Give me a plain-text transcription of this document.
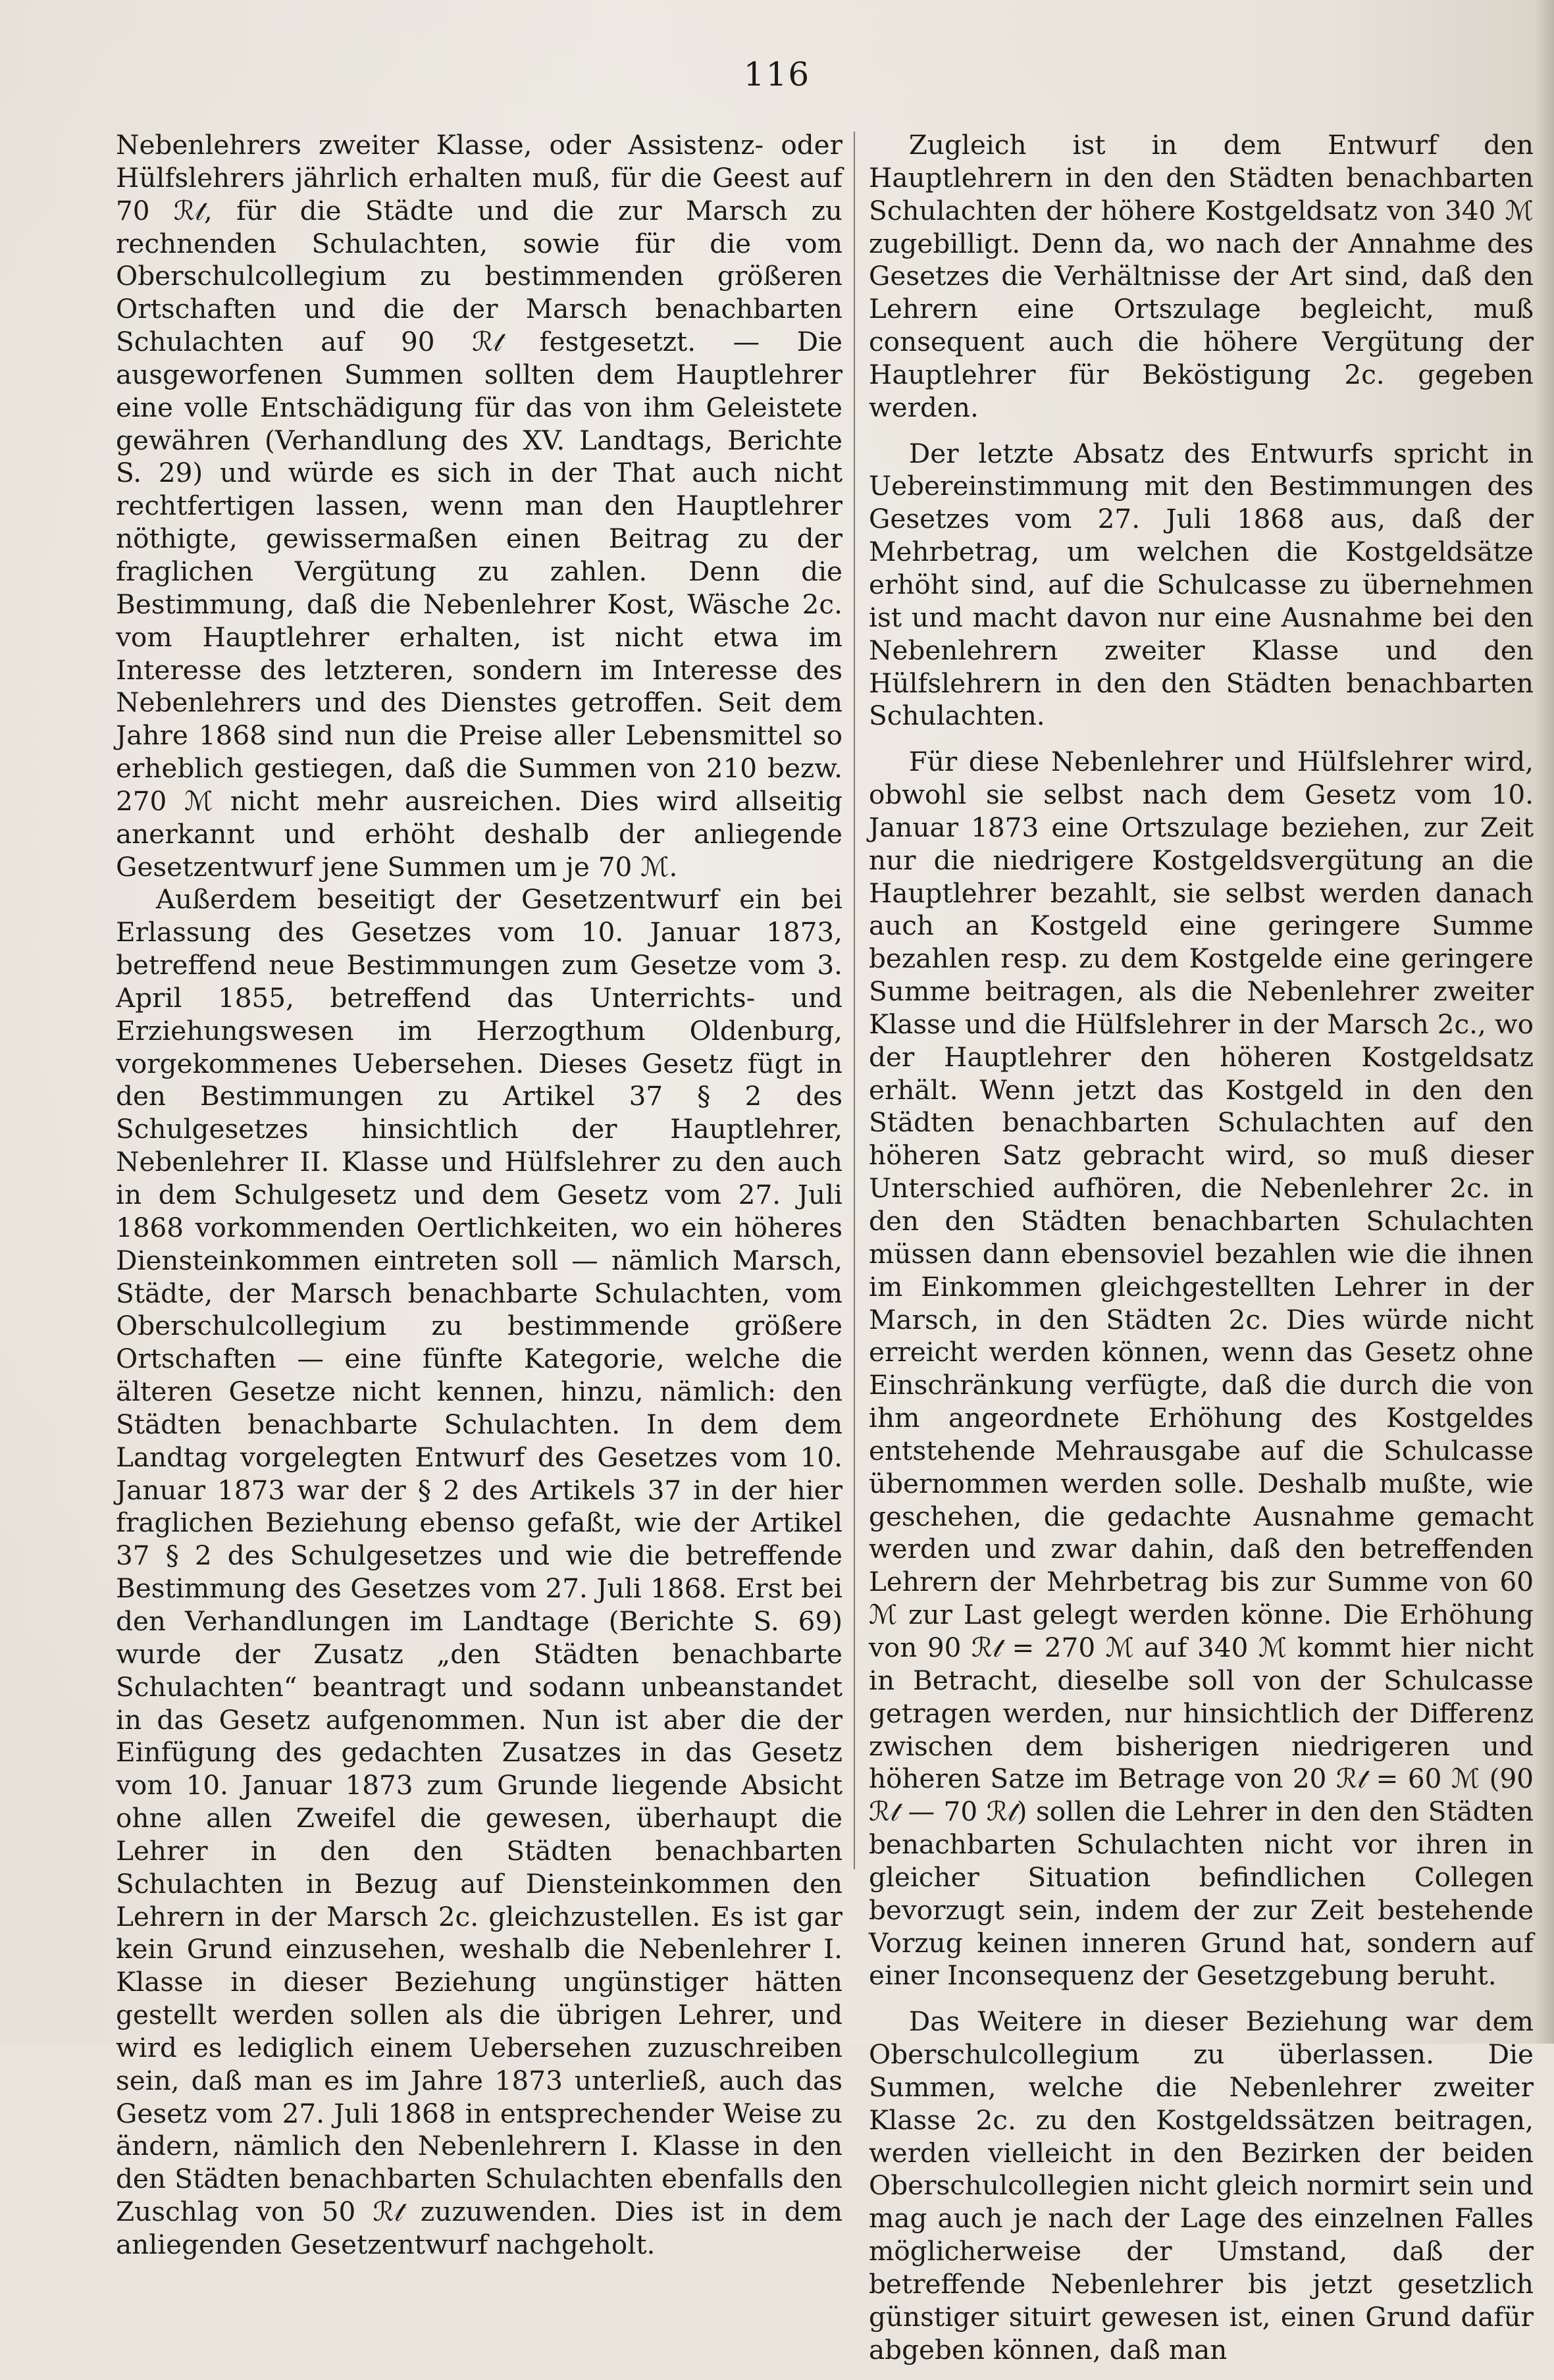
116

Nebenlehrers zweiter Klasse, oder Assistenz- oder Hülfslehrers jährlich erhalten muß, für die Geest auf 70 ℛ𝓉, für die Städte und die zur Marsch zu rechnenden Schulachten, sowie für die vom Oberschulcollegium zu bestimmenden größeren Ortschaften und die der Marsch benachbarten Schulachten auf 90 ℛ𝓉 festgesetzt. — Die ausgeworfenen Summen sollten dem Hauptlehrer eine volle Entschädigung für das von ihm Geleistete gewähren (Verhandlung des XV. Landtags, Berichte S. 29) und würde es sich in der That auch nicht rechtfertigen lassen, wenn man den Hauptlehrer nöthigte, gewissermaßen einen Beitrag zu der fraglichen Vergütung zu zahlen. Denn die Bestimmung, daß die Nebenlehrer Kost, Wäsche 2c. vom Hauptlehrer erhalten, ist nicht etwa im Interesse des letzteren, sondern im Interesse des Nebenlehrers und des Dienstes getroffen. Seit dem Jahre 1868 sind nun die Preise aller Lebensmittel so erheblich gestiegen, daß die Summen von 210 bezw. 270 ℳ nicht mehr ausreichen. Dies wird allseitig anerkannt und erhöht deshalb der anliegende Gesetzentwurf jene Summen um je 70 ℳ.

Außerdem beseitigt der Gesetzentwurf ein bei Erlassung des Gesetzes vom 10. Januar 1873, betreffend neue Bestimmungen zum Gesetze vom 3. April 1855, betreffend das Unterrichts- und Erziehungswesen im Herzogthum Oldenburg, vorgekommenes Uebersehen. Dieses Gesetz fügt in den Bestimmungen zu Artikel 37 § 2 des Schulgesetzes hinsichtlich der Hauptlehrer, Nebenlehrer II. Klasse und Hülfslehrer zu den auch in dem Schulgesetz und dem Gesetz vom 27. Juli 1868 vorkommenden Oertlichkeiten, wo ein höheres Diensteinkommen eintreten soll — nämlich Marsch, Städte, der Marsch benachbarte Schulachten, vom Oberschulcollegium zu bestimmende größere Ortschaften — eine fünfte Kategorie, welche die älteren Gesetze nicht kennen, hinzu, nämlich: den Städten benachbarte Schulachten. In dem dem Landtag vorgelegten Entwurf des Gesetzes vom 10. Januar 1873 war der § 2 des Artikels 37 in der hier fraglichen Beziehung ebenso gefaßt, wie der Artikel 37 § 2 des Schulgesetzes und wie die betreffende Bestimmung des Gesetzes vom 27. Juli 1868. Erst bei den Verhandlungen im Landtage (Berichte S. 69) wurde der Zusatz „den Städten benachbarte Schulachten“ beantragt und sodann unbeanstandet in das Gesetz aufgenommen. Nun ist aber die der Einfügung des gedachten Zusatzes in das Gesetz vom 10. Januar 1873 zum Grunde liegende Absicht ohne allen Zweifel die gewesen, überhaupt die Lehrer in den den Städten benachbarten Schulachten in Bezug auf Diensteinkommen den Lehrern in der Marsch 2c. gleichzustellen. Es ist gar kein Grund einzusehen, weshalb die Nebenlehrer I. Klasse in dieser Beziehung ungünstiger hätten gestellt werden sollen als die übrigen Lehrer, und wird es lediglich einem Uebersehen zuzuschreiben sein, daß man es im Jahre 1873 unterließ, auch das Gesetz vom 27. Juli 1868 in entsprechender Weise zu ändern, nämlich den Nebenlehrern I. Klasse in den den Städten benachbarten Schulachten ebenfalls den Zuschlag von 50 ℛ𝓉 zuzuwenden. Dies ist in dem anliegenden Gesetzentwurf nachgeholt.

Zugleich ist in dem Entwurf den Hauptlehrern in den den Städten benachbarten Schulachten der höhere Kostgeldsatz von 340 ℳ zugebilligt. Denn da, wo nach der Annahme des Gesetzes die Verhältnisse der Art sind, daß den Lehrern eine Ortszulage begleicht, muß consequent auch die höhere Vergütung der Hauptlehrer für Beköstigung 2c. gegeben werden.

Der letzte Absatz des Entwurfs spricht in Uebereinstimmung mit den Bestimmungen des Gesetzes vom 27. Juli 1868 aus, daß der Mehrbetrag, um welchen die Kostgeldsätze erhöht sind, auf die Schulcasse zu übernehmen ist und macht davon nur eine Ausnahme bei den Nebenlehrern zweiter Klasse und den Hülfslehrern in den den Städten benachbarten Schulachten.

Für diese Nebenlehrer und Hülfslehrer wird, obwohl sie selbst nach dem Gesetz vom 10. Januar 1873 eine Ortszulage beziehen, zur Zeit nur die niedrigere Kostgeldsvergütung an die Hauptlehrer bezahlt, sie selbst werden danach auch an Kostgeld eine geringere Summe bezahlen resp. zu dem Kostgelde eine geringere Summe beitragen, als die Nebenlehrer zweiter Klasse und die Hülfslehrer in der Marsch 2c., wo der Hauptlehrer den höheren Kostgeldsatz erhält. Wenn jetzt das Kostgeld in den den Städten benachbarten Schulachten auf den höheren Satz gebracht wird, so muß dieser Unterschied aufhören, die Nebenlehrer 2c. in den den Städten benachbarten Schulachten müssen dann ebensoviel bezahlen wie die ihnen im Einkommen gleichgestellten Lehrer in der Marsch, in den Städten 2c. Dies würde nicht erreicht werden können, wenn das Gesetz ohne Einschränkung verfügte, daß die durch die von ihm angeordnete Erhöhung des Kostgeldes entstehende Mehrausgabe auf die Schulcasse übernommen werden solle. Deshalb mußte, wie geschehen, die gedachte Ausnahme gemacht werden und zwar dahin, daß den betreffenden Lehrern der Mehrbetrag bis zur Summe von 60 ℳ zur Last gelegt werden könne. Die Erhöhung von 90 ℛ𝓉 = 270 ℳ auf 340 ℳ kommt hier nicht in Betracht, dieselbe soll von der Schulcasse getragen werden, nur hinsichtlich der Differenz zwischen dem bisherigen niedrigeren und höheren Satze im Betrage von 20 ℛ𝓉 = 60 ℳ (90 ℛ𝓉 — 70 ℛ𝓉) sollen die Lehrer in den den Städten benachbarten Schulachten nicht vor ihren in gleicher Situation befindlichen Collegen bevorzugt sein, indem der zur Zeit bestehende Vorzug keinen inneren Grund hat, sondern auf einer Inconsequenz der Gesetzgebung beruht.

Das Weitere in dieser Beziehung war dem Oberschulcollegium zu überlassen. Die Summen, welche die Nebenlehrer zweiter Klasse 2c. zu den Kostgeldssätzen beitragen, werden vielleicht in den Bezirken der beiden Oberschulcollegien nicht gleich normirt sein und mag auch je nach der Lage des einzelnen Falles möglicherweise der Umstand, daß der betreffende Nebenlehrer bis jetzt gesetzlich günstiger situirt gewesen ist, einen Grund dafür abgeben können, daß man
